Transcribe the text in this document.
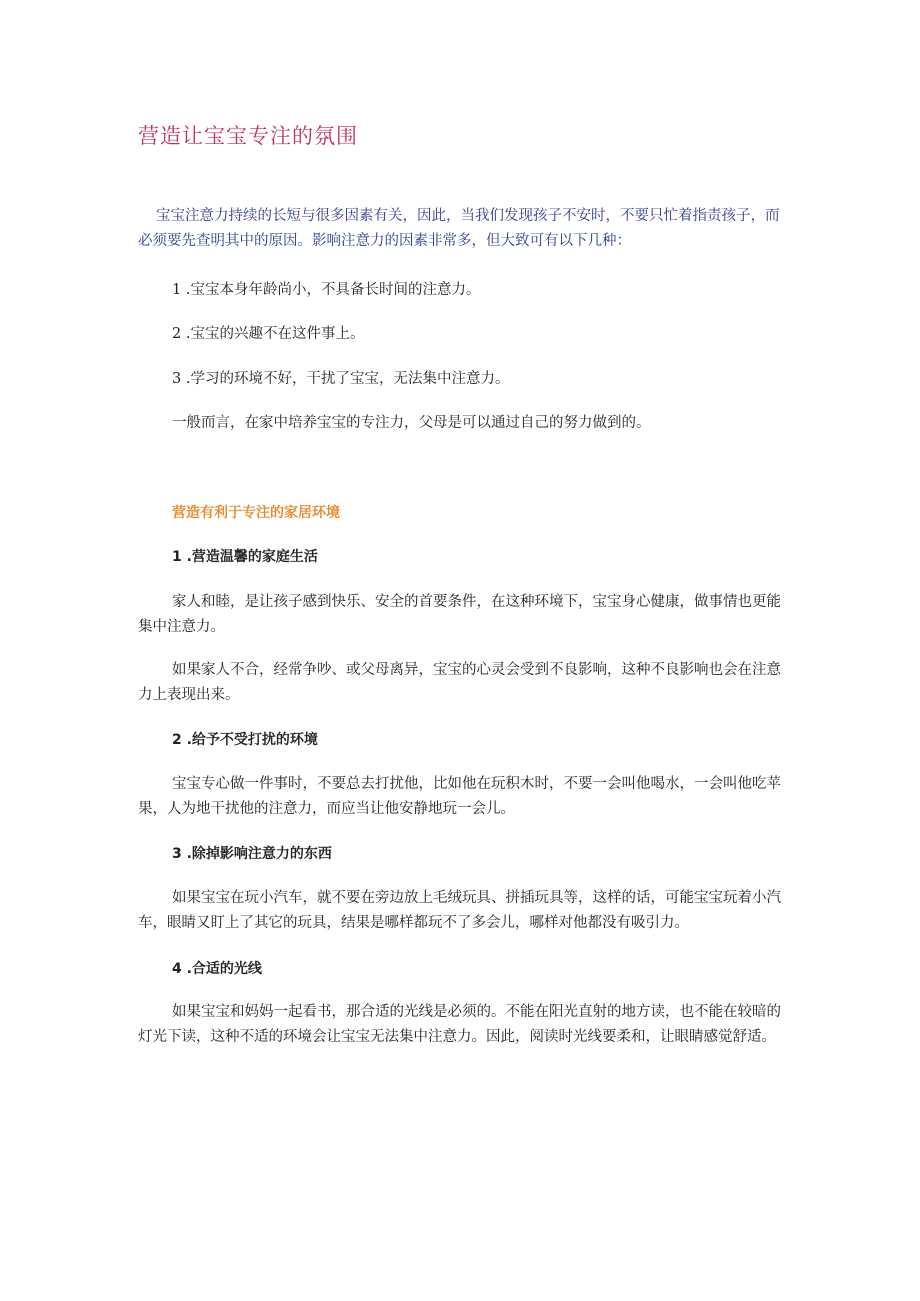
营造让宝宝专注的氛围
宝宝注意力持续的长短与很多因素有关，因此，当我们发现孩子不安时，不要只忙着指责孩子，而必须要先查明其中的原因。影响注意力的因素非常多，但大致可有以下几种：
1 .宝宝本身年龄尚小，不具备长时间的注意力。
2 .宝宝的兴趣不在这件事上。
3 .学习的环境不好，干扰了宝宝，无法集中注意力。
一般而言，在家中培养宝宝的专注力，父母是可以通过自己的努力做到的。
营造有利于专注的家居环境
1 .营造温馨的家庭生活
家人和睦，是让孩子感到快乐、安全的首要条件，在这种环境下，宝宝身心健康，做事情也更能集中注意力。
如果家人不合，经常争吵、或父母离异，宝宝的心灵会受到不良影响，这种不良影响也会在注意力上表现出来。
2 .给予不受打扰的环境
宝宝专心做一件事时，不要总去打扰他，比如他在玩积木时，不要一会叫他喝水，一会叫他吃苹果，人为地干扰他的注意力，而应当让他安静地玩一会儿。
3 .除掉影响注意力的东西
如果宝宝在玩小汽车，就不要在旁边放上毛绒玩具、拼插玩具等，这样的话，可能宝宝玩着小汽车，眼睛又盯上了其它的玩具，结果是哪样都玩不了多会儿，哪样对他都没有吸引力。
4 .合适的光线
如果宝宝和妈妈一起看书，那合适的光线是必须的。不能在阳光直射的地方读，也不能在较暗的灯光下读，这种不适的环境会让宝宝无法集中注意力。因此，阅读时光线要柔和，让眼睛感觉舒适。
